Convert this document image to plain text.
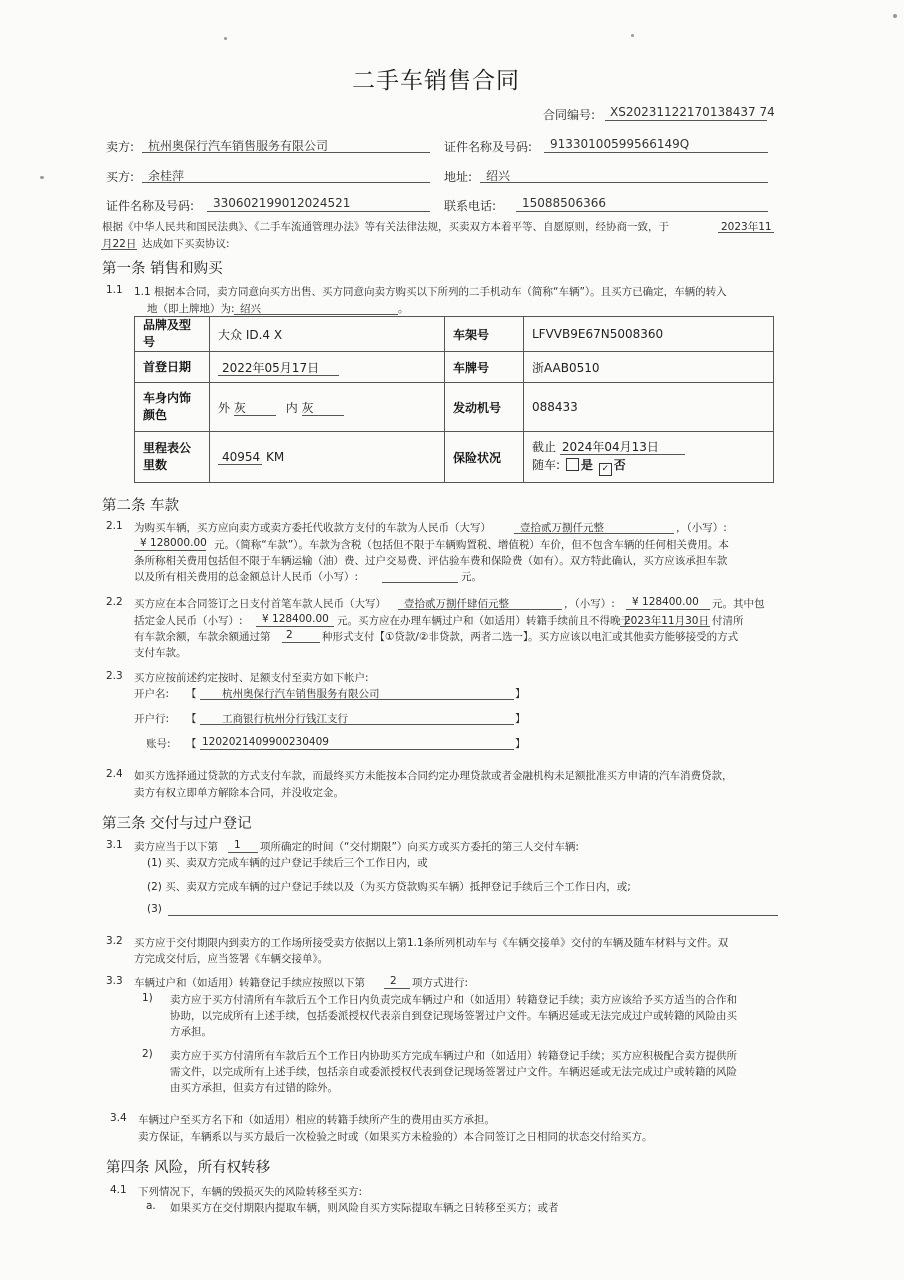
二手车销售合同
合同编号: XS20231122170138437 74
卖方: 杭州奥保行汽车销售服务有限公司	证件名称及号码: 91330100599566149Q
买方: 余桂萍	地址: 绍兴
证件名称及号码: 330602199012024521	联系电话: 15088506366
根据《中华人民共和国民法典》、《二手车流通管理办法》等有关法律法规，买卖双方本着平等、自愿原则，经协商一致，于	2023年11
月22日 达成如下买卖协议:
第一条 销售和购买
1.1 1.1 根据本合同，卖方同意向买方出售、买方同意向卖方购买以下所列的二手机动车（简称“车辆”）。且买方已确定，车辆的转入
地（即上牌地）为: 绍兴	。
品牌及型号	大众 ID.4 X	车架号	LFVVB9E67N5008360
首登日期	2022年05月17日	车牌号	浙AAB0510
车身内饰颜色	外 灰 内 灰	发动机号	088433
里程表公里数	40954 KM	保险状况	截止 2024年04月13日
随车: 是 ✓ 否
第二条 车款
2.1 为购买车辆，买方应向卖方或卖方委托代收款方支付的车款为人民币（大写）	壹拾贰万捌仟元整	，（小写）:
¥ 128000.00 元。（简称“车款”）。车款为含税（包括但不限于车辆购置税、增值税）车价，但不包含车辆的任何相关费用。本
条所称相关费用包括但不限于车辆运输（油）费、过户交易费、评估验车费和保险费（如有）。双方特此确认，买方应该承担车款
以及所有相关费用的总金额总计人民币（小写）:	元。
2.2 买方应在本合同签订之日支付首笔车款人民币（大写） 壹拾贰万捌仟肆佰元整	，（小写）: ¥ 128400.00 元。其中包
括定金人民币（小写）: ¥ 128400.00 元。买方应在办理车辆过户和（如适用）转籍手续前且不得晚于
2023年11月30日 付清所
有车款余额，车款余额通过第 2	种形式支付【①贷款/②非贷款，两者二选一】。买方应该以电汇或其他卖方能够接受的方式
支付车款。
2.3 买方应按前述约定按时、足额支付至卖方如下帐户:
开户名: 【 杭州奥保行汽车销售服务有限公司	】
开户行: 【 工商银行杭州分行钱江支行	】
账号: 【 1202021409900230409	】
2.4 如买方选择通过贷款的方式支付车款，而最终买方未能按本合同约定办理贷款或者金融机构未足额批准买方申请的汽车消费贷款，
卖方有权立即单方解除本合同，并没收定金。
第三条 交付与过户登记
3.1 卖方应当于以下第 1 项所确定的时间（“交付期限”）向买方或买方委托的第三人交付车辆:
(1) 买、卖双方完成车辆的过户登记手续后三个工作日内，或
(2) 买、卖双方完成车辆的过户登记手续以及（为买方贷款购买车辆）抵押登记手续后三个工作日内，或;
(3)
3.2 买方应于交付期限内到卖方的工作场所接受卖方依据以上第1.1条所列机动车与《车辆交接单》交付的车辆及随车材料与文件。双
方完成交付后，应当签署《车辆交接单》。
3.3 车辆过户和（如适用）转籍登记手续应按照以下第 2 项方式进行:
1) 卖方应于买方付清所有车款后五个工作日内负责完成车辆过户和（如适用）转籍登记手续；卖方应该给予买方适当的合作和
协助，以完成所有上述手续，包括委派授权代表亲自到登记现场签署过户文件。车辆迟延或无法完成过户或转籍的风险由买
方承担。
2) 卖方应于买方付清所有车款后五个工作日内协助买方完成车辆过户和（如适用）转籍登记手续；买方应积极配合卖方提供所
需文件，以完成所有上述手续，包括亲自或委派授权代表到登记现场签署过户文件。车辆迟延或无法完成过户或转籍的风险
由买方承担，但卖方有过错的除外。
3.4 车辆过户至买方名下和（如适用）相应的转籍手续所产生的费用由买方承担。
卖方保证，车辆系以与买方最后一次检验之时或（如果买方未检验的）本合同签订之日相同的状态交付给买方。
第四条 风险，所有权转移
4.1 下列情况下，车辆的毁损灭失的风险转移至买方:
a. 如果买方在交付期限内提取车辆，则风险自买方实际提取车辆之日转移至买方；或者
